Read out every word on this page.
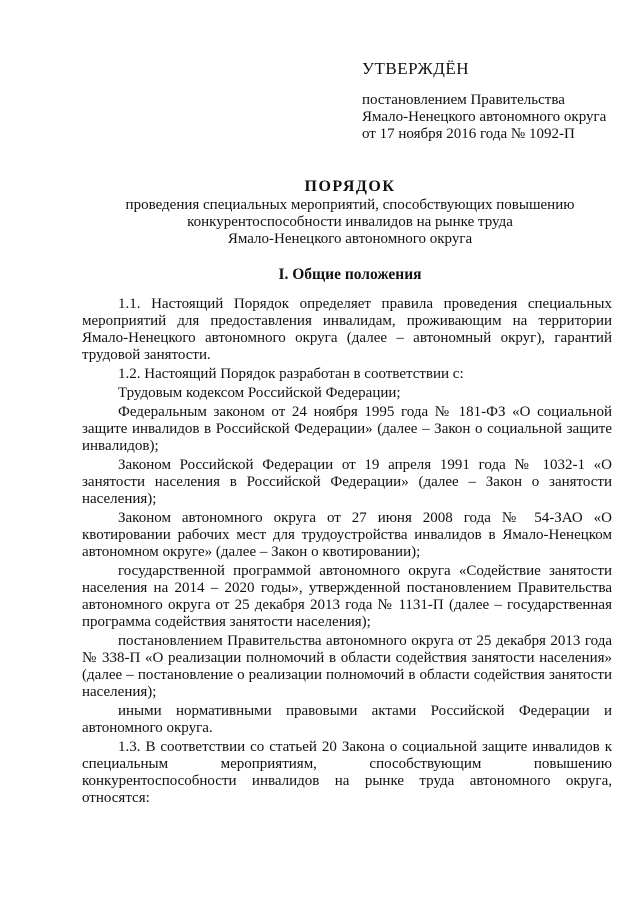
УТВЕРЖДЁН
постановлением Правительства
Ямало-Ненецкого автономного округа
от 17 ноября 2016 года № 1092-П
ПОРЯДОК
проведения специальных мероприятий, способствующих повышению
конкурентоспособности инвалидов на рынке труда
Ямало-Ненецкого автономного округа
I. Общие положения

1.1. Настоящий Порядок определяет правила проведения специальных мероприятий для предоставления инвалидам, проживающим на территории Ямало-Ненецкого автономного округа (далее – автономный округ), гарантий трудовой занятости.

1.2. Настоящий Порядок разработан в соответствии с:

Трудовым кодексом Российской Федерации;

Федеральным законом от 24 ноября 1995 года № 181-ФЗ «О социальной защите инвалидов в Российской Федерации» (далее – Закон о социальной защите инвалидов);

Законом Российской Федерации от 19 апреля 1991 года № 1032-1 «О занятости населения в Российской Федерации» (далее – Закон о занятости населения);

Законом автономного округа от 27 июня 2008 года № 54-ЗАО «О квотировании рабочих мест для трудоустройства инвалидов в Ямало-Ненецком автономном округе» (далее – Закон о квотировании);

государственной программой автономного округа «Содействие занятости населения на 2014 – 2020 годы», утвержденной постановлением Правительства автономного округа от 25 декабря 2013 года № 1131-П (далее – государственная программа содействия занятости населения);

постановлением Правительства автономного округа от 25 декабря 2013 года № 338-П «О реализации полномочий в области содействия занятости населения» (далее – постановление о реализации полномочий в области содействия занятости населения);

иными нормативными правовыми актами Российской Федерации и автономного округа.

1.3. В соответствии со статьей 20 Закона о социальной защите инвалидов к специальным мероприятиям, способствующим повышению конкурентоспособности инвалидов на рынке труда автономного округа, относятся:
